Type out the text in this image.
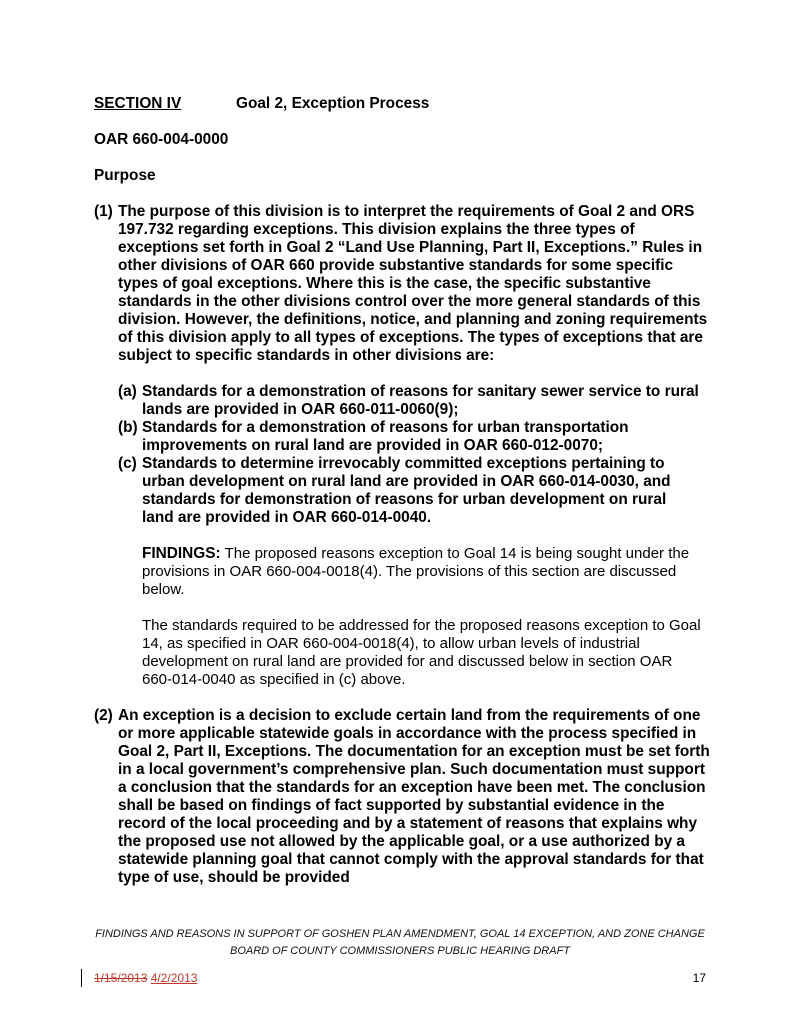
SECTION IV	Goal 2, Exception Process
OAR 660-004-0000
Purpose
(1) The purpose of this division is to interpret the requirements of Goal 2 and ORS 197.732 regarding exceptions. This division explains the three types of exceptions set forth in Goal 2 “Land Use Planning, Part II, Exceptions.” Rules in other divisions of OAR 660 provide substantive standards for some specific types of goal exceptions. Where this is the case, the specific substantive standards in the other divisions control over the more general standards of this division. However, the definitions, notice, and planning and zoning requirements of this division apply to all types of exceptions. The types of exceptions that are subject to specific standards in other divisions are:
(a) Standards for a demonstration of reasons for sanitary sewer service to rural lands are provided in OAR 660-011-0060(9);
(b) Standards for a demonstration of reasons for urban transportation improvements on rural land are provided in OAR 660-012-0070;
(c) Standards to determine irrevocably committed exceptions pertaining to urban development on rural land are provided in OAR 660-014-0030, and standards for demonstration of reasons for urban development on rural land are provided in OAR 660-014-0040.
FINDINGS: The proposed reasons exception to Goal 14 is being sought under the provisions in OAR 660-004-0018(4). The provisions of this section are discussed below.
The standards required to be addressed for the proposed reasons exception to Goal 14, as specified in OAR 660-004-0018(4), to allow urban levels of industrial development on rural land are provided for and discussed below in section OAR 660-014-0040 as specified in (c) above.
(2) An exception is a decision to exclude certain land from the requirements of one or more applicable statewide goals in accordance with the process specified in Goal 2, Part II, Exceptions. The documentation for an exception must be set forth in a local government’s comprehensive plan. Such documentation must support a conclusion that the standards for an exception have been met. The conclusion shall be based on findings of fact supported by substantial evidence in the record of the local proceeding and by a statement of reasons that explains why the proposed use not allowed by the applicable goal, or a use authorized by a statewide planning goal that cannot comply with the approval standards for that type of use, should be provided
FINDINGS AND REASONS IN SUPPORT OF GOSHEN PLAN AMENDMENT, GOAL 14 EXCEPTION, AND ZONE CHANGE
BOARD OF COUNTY COMMISSIONERS PUBLIC HEARING DRAFT
1/15/2013 4/2/2013	17
